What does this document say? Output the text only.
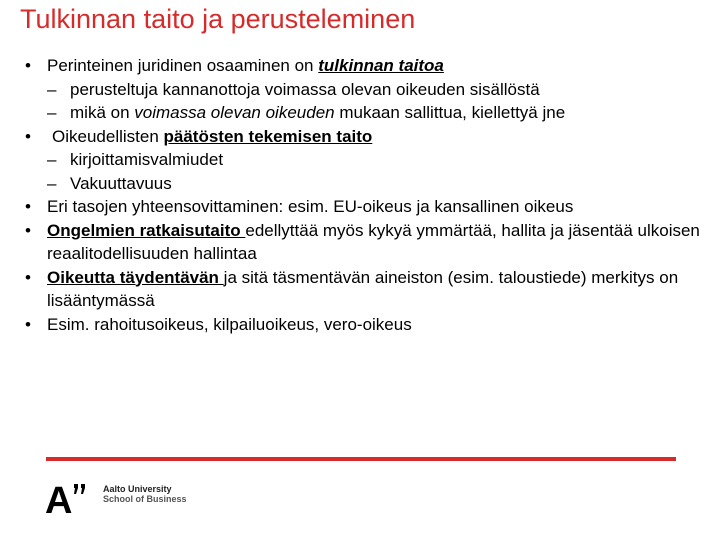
Tulkinnan taito ja perusteleminen
• Perinteinen juridinen osaaminen on tulkinnan taitoa
– perusteltuja kannanottoja voimassa olevan oikeuden sisällöstä
– mikä on voimassa olevan oikeuden mukaan sallittua, kiellettyä jne
• Oikeudellisten päätösten tekemisen taito
– kirjoittamisvalmiudet
– Vakuuttavuus
• Eri tasojen yhteensovittaminen: esim. EU-oikeus ja kansallinen oikeus
• Ongelmien ratkaisutaito edellyttää myös kykyä ymmärtää, hallita ja jäsentää ulkoisen reaalitodellisuuden hallintaa
• Oikeutta täydentävän ja sitä täsmentävän aineiston (esim. taloustiede) merkitys on lisääntymässä
• Esim. rahoitusoikeus, kilpailuoikeus, vero-oikeus
A	Aalto University
School of Business
